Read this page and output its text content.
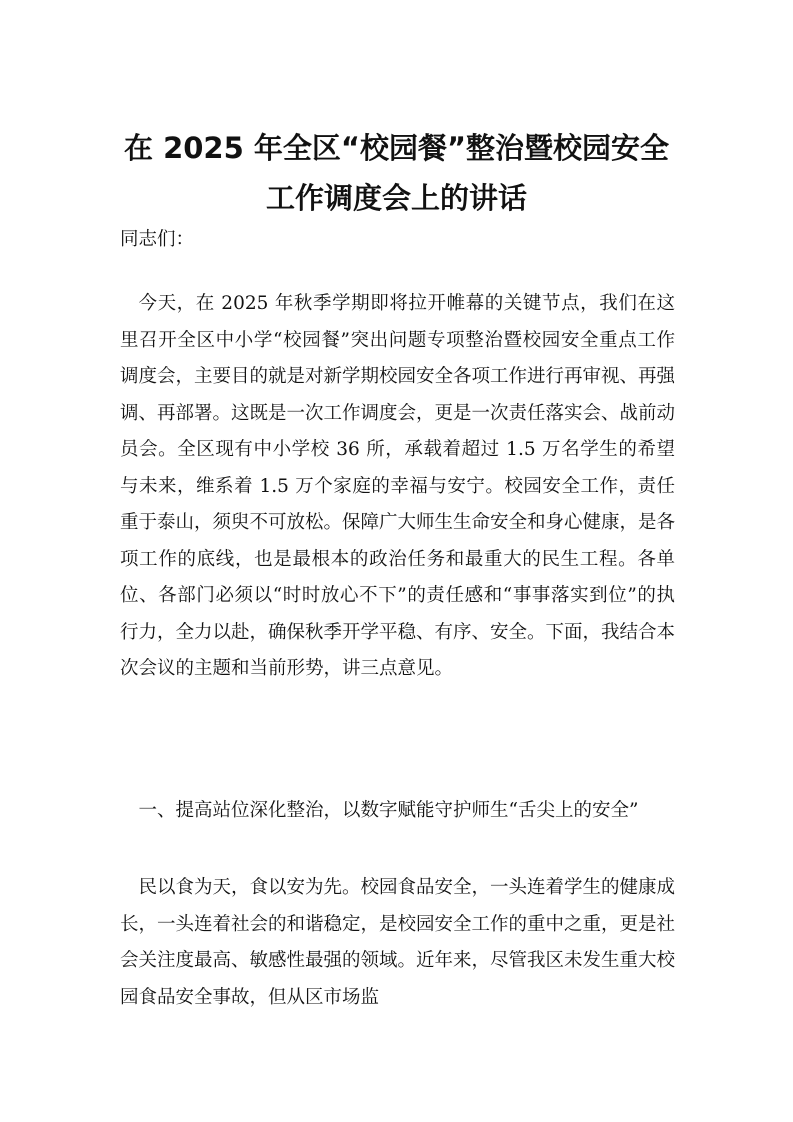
在 2025 年全区“校园餐”整治暨校园安全
工作调度会上的讲话

同志们：

今天，在 2025 年秋季学期即将拉开帷幕的关键节点，我们在这里召开全区中小学“校园餐”突出问题专项整治暨校园安全重点工作调度会，主要目的就是对新学期校园安全各项工作进行再审视、再强调、再部署。这既是一次工作调度会，更是一次责任落实会、战前动员会。全区现有中小学校 36 所，承载着超过 1.5 万名学生的希望与未来，维系着 1.5 万个家庭的幸福与安宁。校园安全工作，责任重于泰山，须臾不可放松。保障广大师生生命安全和身心健康，是各项工作的底线，也是最根本的政治任务和最重大的民生工程。各单位、各部门必须以“时时放心不下”的责任感和“事事落实到位”的执行力，全力以赴，确保秋季开学平稳、有序、安全。下面，我结合本次会议的主题和当前形势，讲三点意见。

一、提高站位深化整治，以数字赋能守护师生“舌尖上的安全”

民以食为天，食以安为先。校园食品安全，一头连着学生的健康成长，一头连着社会的和谐稳定，是校园安全工作的重中之重，更是社会关注度最高、敏感性最强的领域。近年来，尽管我区未发生重大校园食品安全事故，但从区市场监
